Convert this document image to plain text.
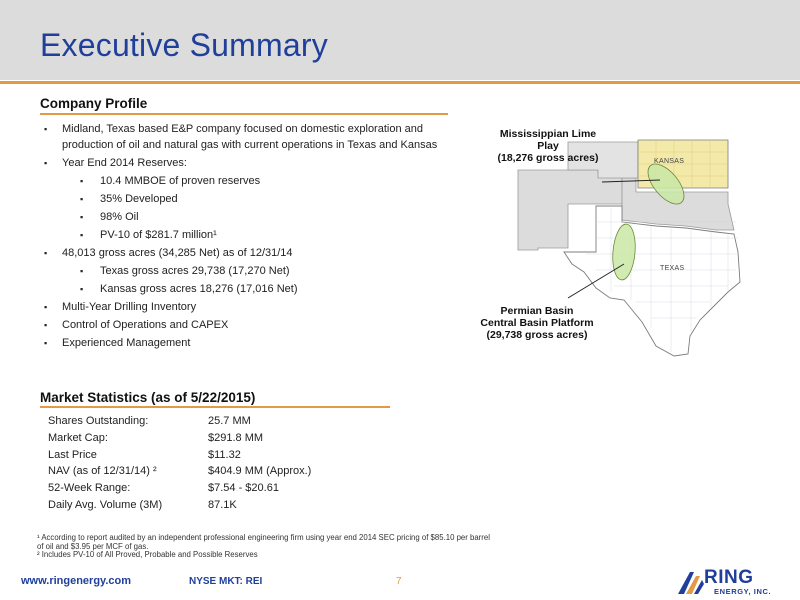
Executive Summary
Company Profile
▪ Midland, Texas based E&P company focused on domestic exploration and production of oil and natural gas with current operations in Texas and Kansas
▪ Year End 2014 Reserves:
▪ 10.4 MMBOE of proven reserves
▪ 35% Developed
▪ 98% Oil
▪ PV-10 of $281.7 million¹
▪ 48,013 gross acres (34,285 Net) as of 12/31/14
▪ Texas gross acres 29,738 (17,270 Net)
▪ Kansas gross acres 18,276 (17,016 Net)
▪ Multi-Year Drilling Inventory
▪ Control of Operations and CAPEX
▪ Experienced Management
KANSAS
TEXAS
Mississippian Lime
Play
(18,276 gross acres)
Permian Basin
Central Basin Platform
(29,738 gross acres)
Market Statistics (as of 5/22/2015)
Shares Outstanding:	25.7 MM
Market Cap:	$291.8 MM
Last Price	$11.32
NAV (as of 12/31/14) ²	$404.9 MM (Approx.)
52-Week Range:	$7.54 - $20.61
Daily Avg. Volume (3M)	87.1K
¹ According to report audited by an independent professional engineering firm using year end 2014 SEC pricing of $85.10 per barrel of oil and $3.95 per MCF of gas.
² Includes PV-10 of All Proved, Probable and Possible Reserves
www.ringenergy.com	NYSE MKT: REI	7	RING
ENERGY, INC.
